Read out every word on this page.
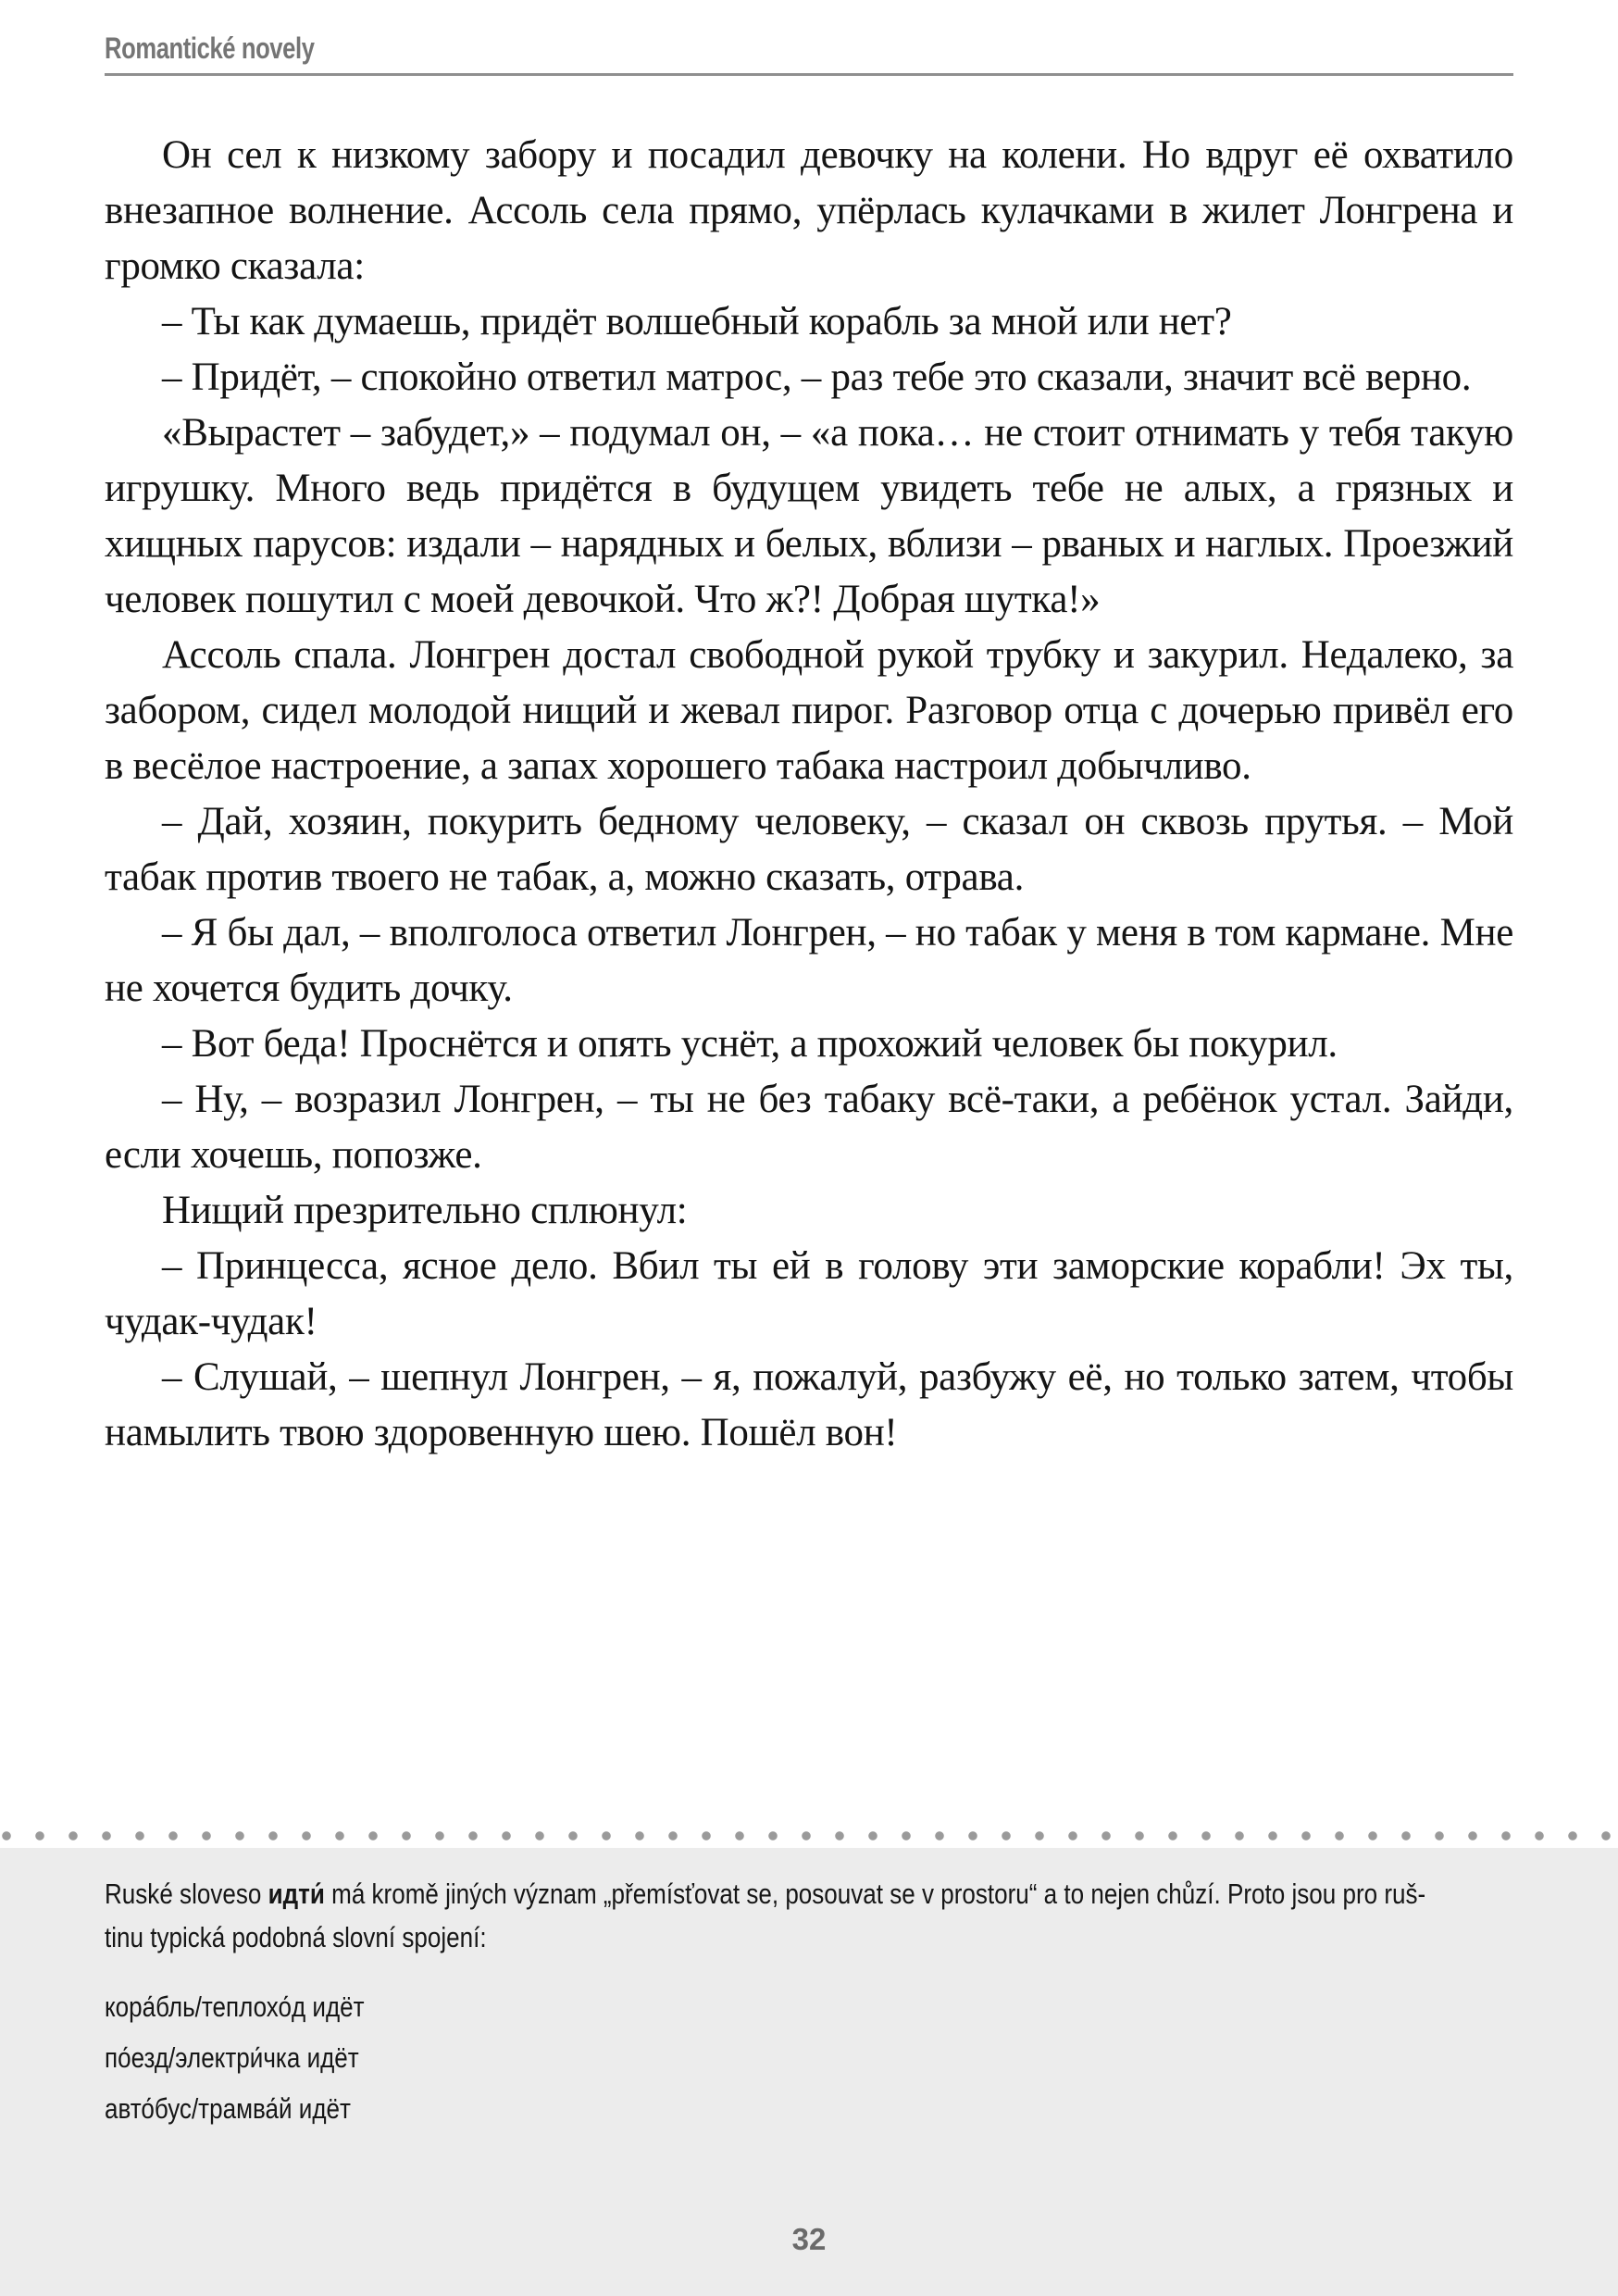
Romantické novely

Он сел к низкому забору и посадил девочку на колени. Но вдруг её охватило внезапное волнение. Ассоль села прямо, упёрлась кулачками в жилет Лонгрена и громко сказала:

– Ты как думаешь, придёт волшебный корабль за мной или нет?

– Придёт, – спокойно ответил матрос, – раз тебе это сказали, значит всё верно.

«Вырастет – забудет,» – подумал он, – «а пока… не стоит отнимать у тебя такую игрушку. Много ведь придётся в будущем увидеть тебе не алых, а грязных и хищных парусов: издали – нарядных и белых, вблизи – рваных и наглых. Проезжий человек пошутил с моей девочкой. Что ж?! Добрая шутка!»

Ассоль спала. Лонгрен достал свободной рукой трубку и закурил. Недалеко, за забором, сидел молодой нищий и жевал пирог. Разговор отца с дочерью привёл его в весёлое настроение, а запах хорошего табака настроил добычливо.

– Дай, хозяин, покурить бедному человеку, – сказал он сквозь прутья. – Мой табак против твоего не табак, а, можно сказать, отрава.

– Я бы дал, – вполголоса ответил Лонгрен, – но табак у меня в том кармане. Мне не хочется будить дочку.

– Вот беда! Проснётся и опять уснёт, а прохожий человек бы покурил.

– Ну, – возразил Лонгрен, – ты не без табаку всё-таки, а ребёнок устал. Зайди, если хочешь, попозже.

Нищий презрительно сплюнул:

– Принцесса, ясное дело. Вбил ты ей в голову эти заморские корабли! Эх ты, чудак-чудак!

– Слушай, – шепнул Лонгрен, – я, пожалуй, разбужу её, но только затем, чтобы намылить твою здоровенную шею. Пошёл вон!

Ruské sloveso идти́ má kromě jiných význam „přemísťovat se, posouvat se v prostoru“ a to nejen chůzí. Proto jsou pro ruš-
tinu typická podobná slovní spojení:
кора́бль/теплохо́д идёт
по́езд/электри́чка идёт
авто́бус/трамва́й идёт
32
